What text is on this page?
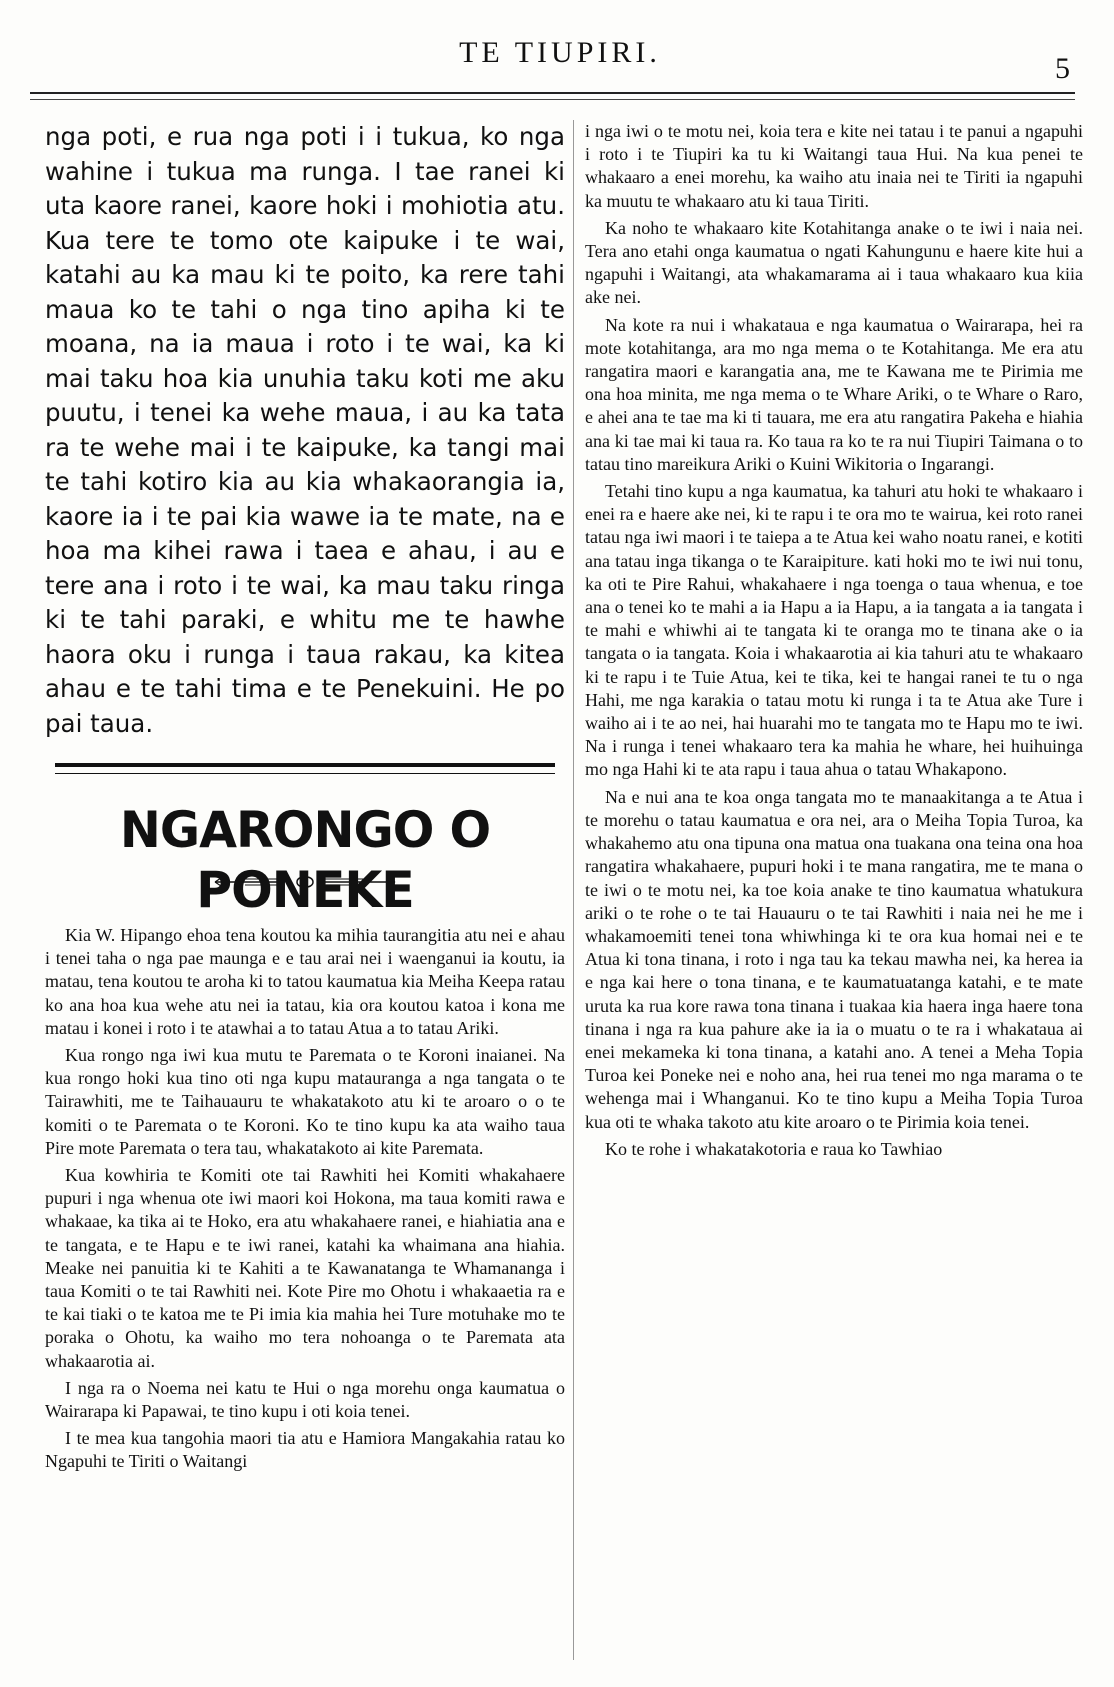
TE TIUPIRI.	5

nga poti, e rua nga poti i i tukua, ko nga wahine i tukua ma runga. I tae ranei ki uta kaore ranei, kaore hoki i mohiotia atu. Kua tere te tomo ote kaipuke i te wai, katahi au ka mau ki te poito, ka rere tahi maua ko te tahi o nga tino apiha ki te moana, na ia maua i roto i te wai, ka ki mai taku hoa kia unuhia taku koti me aku puutu, i tenei ka wehe maua, i au ka tata ra te wehe mai i te kaipuke, ka tangi mai te tahi kotiro kia au kia whakaorangia ia, kaore ia i te pai kia wawe ia te mate, na e hoa ma kihei rawa i taea e ahau, i au e tere ana i roto i te wai, ka mau taku ringa ki te tahi paraki, e whitu me te hawhe haora oku i runga i taua rakau, ka kitea ahau e te tahi tima e te Penekuini. He po pai taua.

NGARONGO O PONEKE

Kia W. Hipango ehoa tena koutou ka mihia taurangitia atu nei e ahau i tenei taha o nga pae maunga e e tau arai nei i waenganui ia koutu, ia matau, tena koutou te aroha ki to tatou kaumatua kia Meiha Keepa ratau ko ana hoa kua wehe atu nei ia tatau, kia ora koutou katoa i kona me matau i konei i roto i te atawhai a to tatau Atua a to tatau Ariki.

Kua rongo nga iwi kua mutu te Paremata o te Koroni inaianei. Na kua rongo hoki kua tino oti nga kupu matauranga a nga tangata o te Tairawhiti, me te Taihauauru te whakatakoto atu ki te aroaro o o te komiti o te Paremata o te Koroni. Ko te tino kupu ka ata waiho taua Pire mote Paremata o tera tau, whakatakoto ai kite Paremata.

Kua kowhiria te Komiti ote tai Rawhiti hei Komiti whakahaere pupuri i nga whenua ote iwi maori koi Hokona, ma taua komiti rawa e whakaae, ka tika ai te Hoko, era atu whakahaere ranei, e hiahiatia ana e te tangata, e te Hapu e te iwi ranei, katahi ka whaimana ana hiahia. Meake nei panuitia ki te Kahiti a te Kawanatanga te Whamananga i taua Komiti o te tai Rawhiti nei. Kote Pire mo Ohotu i whakaaetia ra e te kai tiaki o te katoa me te Pi imia kia mahia hei Ture motuhake mo te poraka o Ohotu, ka waiho mo tera nohoanga o te Paremata ata whakaarotia ai.

I nga ra o Noema nei katu te Hui o nga morehu onga kaumatua o Wairarapa ki Papawai, te tino kupu i oti koia tenei.

I te mea kua tangohia maori tia atu e Hamiora Mangakahia ratau ko Ngapuhi te Tiriti o Waitangi

i nga iwi o te motu nei, koia tera e kite nei tatau i te panui a ngapuhi i roto i te Tiupiri ka tu ki Waitangi taua Hui. Na kua penei te whakaaro a enei morehu, ka waiho atu inaia nei te Tiriti ia ngapuhi ka muutu te whakaaro atu ki taua Tiriti.

Ka noho te whakaaro kite Kotahitanga anake o te iwi i naia nei. Tera ano etahi onga kaumatua o ngati Kahungunu e haere kite hui a ngapuhi i Waitangi, ata whakamarama ai i taua whakaaro kua kiia ake nei.

Na kote ra nui i whakatauа e nga kaumatua o Wairarapa, hei ra mote kotahitanga, ara mo nga mema o te Kotahitanga. Me era atu rangatira maori e karangatia ana, me te Kawana me te Pirimia me ona hoa minita, me nga mema o te Whare Ariki, o te Whare o Raro, e ahei ana te tae ma ki ti tauara, me era atu rangatira Pakeha e hiahia ana ki tae mai ki taua ra. Ko taua ra ko te ra nui Tiupiri Taimana o to tatau tino mareikura Ariki o Kuini Wikitoria o Ingarangi.

Tetahi tino kupu a nga kaumatua, ka tahuri atu hoki te whakaaro i enei ra e haere ake nei, ki te rapu i te ora mo te wairua, kei roto ranei tatau nga iwi maori i te taiepa a te Atua kei waho noatu ranei, e kotiti ana tatau inga tikanga o te Karaipiture. kati hoki mo te iwi nui tonu, ka oti te Pire Rahui, whakahaere i nga toenga o taua whenua, e toe ana o tenei ko te mahi a ia Hapu a ia Hapu, a ia tangata a ia tangata i te mahi e whiwhi ai te tangata ki te oranga mo te tinana ake o ia tangata o ia tangata. Koia i whakaarotia ai kia tahuri atu te whakaaro ki te rapu i te Tuie Atua, kei te tika, kei te hangai ranei te tu o nga Hahi, me nga karakia o tatau motu ki runga i ta te Atua ake Ture i waiho ai i te ao nei, hai huarahi mo te tangata mo te Hapu mo te iwi. Na i runga i tenei whakaaro tera ka mahia he whare, hei huihuinga mo nga Hahi ki te ata rapu i taua ahua o tatau Whakapono.

Na e nui ana te koa onga tangata mo te manaakitanga a te Atua i te morehu o tatau kaumatua e ora nei, ara o Meiha Topia Turoa, ka whakahemo atu ona tipuna ona matua ona tuakana ona teina ona hoa rangatira whakahaere, pupuri hoki i te mana rangatira, me te mana o te iwi o te motu nei, ka toe koia anake te tino kaumatua whatukura ariki o te rohe o te tai Hauauru o te tai Rawhiti i naia nei he me i whakamoemiti tenei tona whiwhinga ki te ora kua homai nei e te Atua ki tona tinana, i roto i nga tau ka tekau mawha nei, ka herea ia e nga kai here o tona tinana, e te kaumatuatanga katahi, e te mate uruta ka rua kore rawa tona tinana i tuakaa kia haera inga haere tona tinana i nga ra kua pahure ake ia ia o muatu o te ra i whakatauа ai enei mekameka ki tona tinana, a katahi ano. A tenei a Meha Topia Turoa kei Poneke nei e noho ana, hei rua tenei mo nga marama o te wehenga mai i Whanganui. Ko te tino kupu a Meiha Topia Turoa kua oti te whaka takoto atu kite aroaro o te Pirimia koia tenei.

Ko te rohe i whakatakotoria e raua ko Tawhiao
